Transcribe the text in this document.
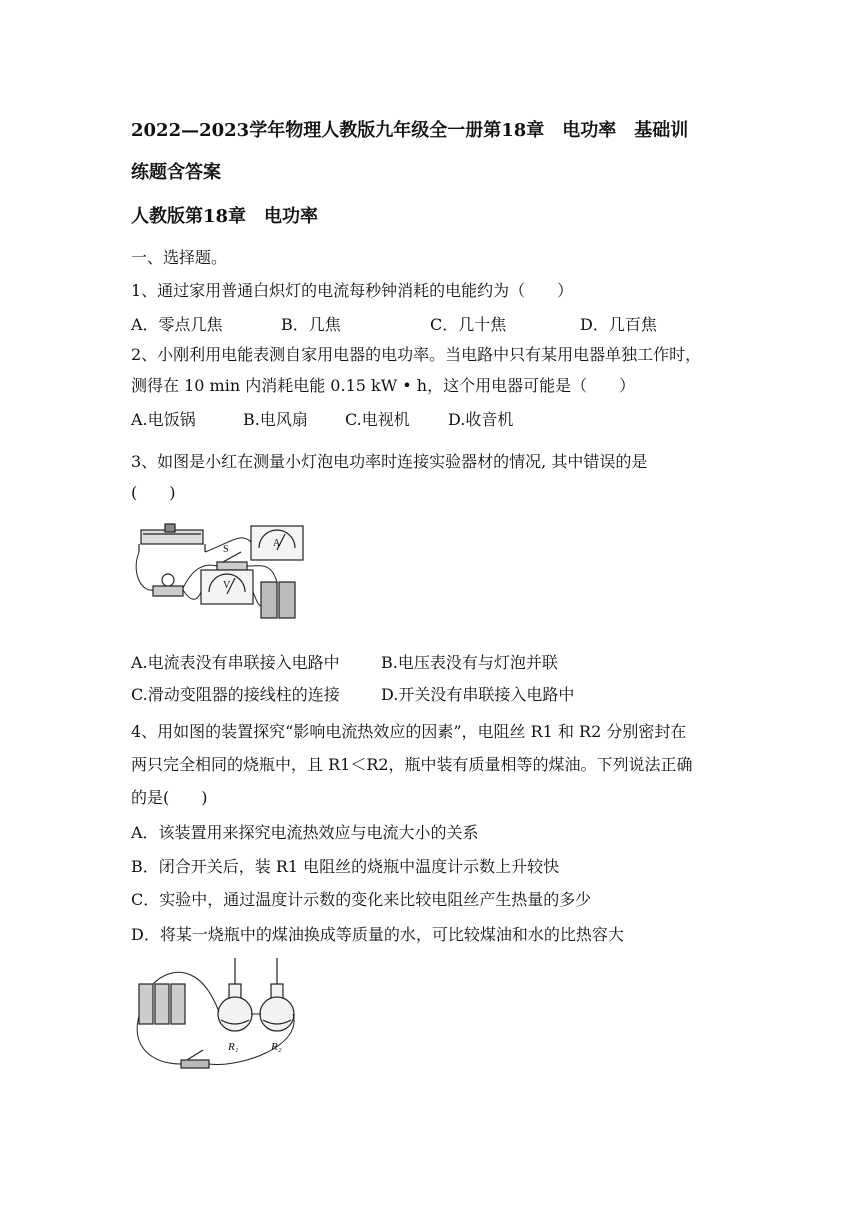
2022—2023学年物理人教版九年级全一册第18章　电功率　基础训
练题含答案
人教版第18章　电功率
一、选择题。
1、通过家用普通白炽灯的电流每秒钟消耗的电能约为（　　）
A．零点几焦	B．几焦	C．几十焦	D．几百焦
2、小刚利用电能表测自家用电器的电功率。当电路中只有某用电器单独工作时，
测得在 10 min 内消耗电能 0.15 kW • h，这个用电器可能是（　　）
A.电饭锅	B.电风扇 C.电视机 D.收音机
3、如图是小红在测量小灯泡电功率时连接实验器材的情况, 其中错误的是
(　　)
A
S
V
A.电流表没有串联接入电路中	B.电压表没有与灯泡并联
C.滑动变阻器的接线柱的连接	D.开关没有串联接入电路中
4、用如图的装置探究“影响电流热效应的因素”，电阻丝 R1 和 R2 分别密封在
两只完全相同的烧瓶中，且 R1＜R2，瓶中装有质量相等的煤油。下列说法正确
的是(　　)
A．该装置用来探究电流热效应与电流大小的关系
B．闭合开关后，装 R1 电阻丝的烧瓶中温度计示数上升较快
C．实验中，通过温度计示数的变化来比较电阻丝产生热量的多少
D．将某一烧瓶中的煤油换成等质量的水，可比较煤油和水的比热容大
R₁	R₂
